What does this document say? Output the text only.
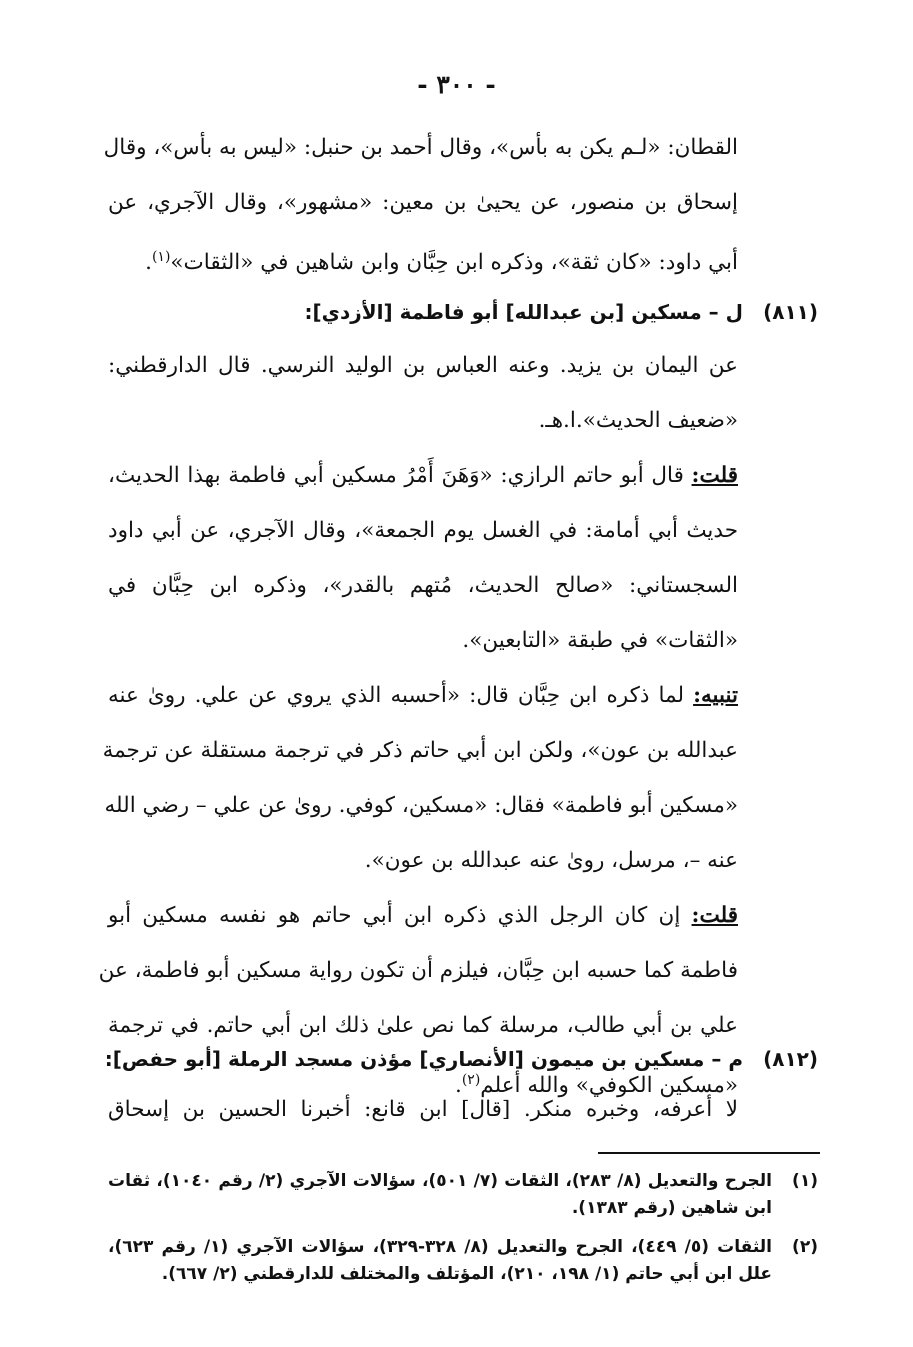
- ٣٠٠ -
القطان: «لـم يكن به بأس»، وقال أحمد بن حنبل: «ليس به بأس»، وقال
إسحاق بن منصور، عن يحيىٰ بن معين: «مشهور»، وقال الآجري، عن
أبي داود: «كان ثقة»، وذكره ابن حِبَّان وابن شاهين في «الثقات»$^{(١)}$.
(٨١١)
ل – مسكين [بن عبدالله] أبو فاطمة [الأزدي]:
عن اليمان بن يزيد. وعنه العباس بن الوليد النرسي. قال الدارقطني:
«ضعيف الحديث».ا.هـ.
قلت: قال أبو حاتم الرازي: «وَهَنَ أَمْرُ مسكين أبي فاطمة بهذا الحديث،
حديث أبي أمامة: في الغسل يوم الجمعة»، وقال الآجري، عن أبي داود
السجستاني: «صالح الحديث، مُتهم بالقدر»، وذكره ابن حِبَّان في
«الثقات» في طبقة «التابعين».
تنبيه: لما ذكره ابن حِبَّان قال: «أحسبه الذي يروي عن علي. روىٰ عنه
عبدالله بن عون»، ولكن ابن أبي حاتم ذكر في ترجمة مستقلة عن ترجمة
«مسكين أبو فاطمة» فقال: «مسكين، كوفي. روىٰ عن علي – رضي الله
عنه –، مرسل، روىٰ عنه عبدالله بن عون».
قلت: إن كان الرجل الذي ذكره ابن أبي حاتم هو نفسه مسكين أبو
فاطمة كما حسبه ابن حِبَّان، فيلزم أن تكون رواية مسكين أبو فاطمة، عن
علي بن أبي طالب، مرسلة كما نص علىٰ ذلك ابن أبي حاتم. في ترجمة
«مسكين الكوفي» والله أعلم$^{(٢)}$.
(٨١٢)
م – مسكين بن ميمون [الأنصاري] مؤذن مسجد الرملة [أبو حفص]:
لا أعرفه، وخبره منكر. [قال] ابن قانع: أخبرنا الحسين بن إسحاق
(١)
الجرح والتعديل (٨/ ٢٨٣)، الثقات (٧/ ٥٠١)، سؤالات الآجري (٢/ رقم ١٠٤٠)، ثقات ابن شاهين (رقم ١٣٨٣).
(٢)
الثقات (٥/ ٤٤٩)، الجرح والتعديل (٨/ ٣٢٨-٣٢٩)، سؤالات الآجري (١/ رقم ٦٢٣)، علل ابن أبي حاتم (١/ ١٩٨، ٢١٠)، المؤتلف والمختلف للدارقطني (٢/ ٦٦٧).
